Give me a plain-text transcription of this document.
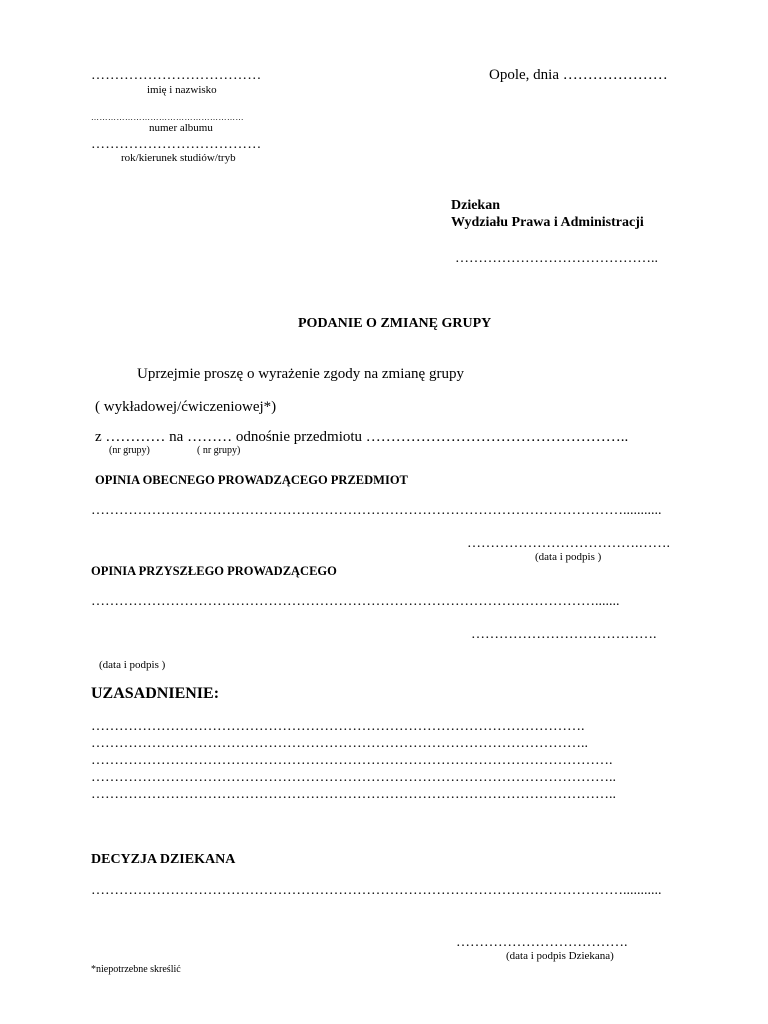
………………………………
imię i nazwisko
………………………………………………
numer albumu
………………………………
rok/kierunek studiów/tryb
Opole, dnia …………………
Dziekan
Wydziału Prawa i Administracji
……………………………………..
PODANIE O ZMIANĘ GRUPY
Uprzejmie proszę o wyrażenie zgody na zmianę grupy
( wykładowej/ćwiczeniowej*)
z ………… na ……… odnośnie przedmiotu ……………………………………………..
(nr grupy)	( nr grupy)
OPINIA OBECNEGO PROWADZĄCEGO PRZEDMIOT
……………………………………………………………………………………………………...........
……………………………….…….
(data i podpis )
OPINIA PRZYSZŁEGO PROWADZĄCEGO
……………………………………………………………………………………………….......
………………………………….
(data i podpis )
UZASADNIENIE:
…………………………………………………………………………………………….
……………………………………………………………………………………………..
………………………………………………………………………………………………….
…………………………………………………………………………………………………..
…………………………………………………………………………………………………..
DECYZJA DZIEKANA
……………………………………………………………………………………………………...........
……………………………….
(data i podpis Dziekana)
*niepotrzebne skreślić
